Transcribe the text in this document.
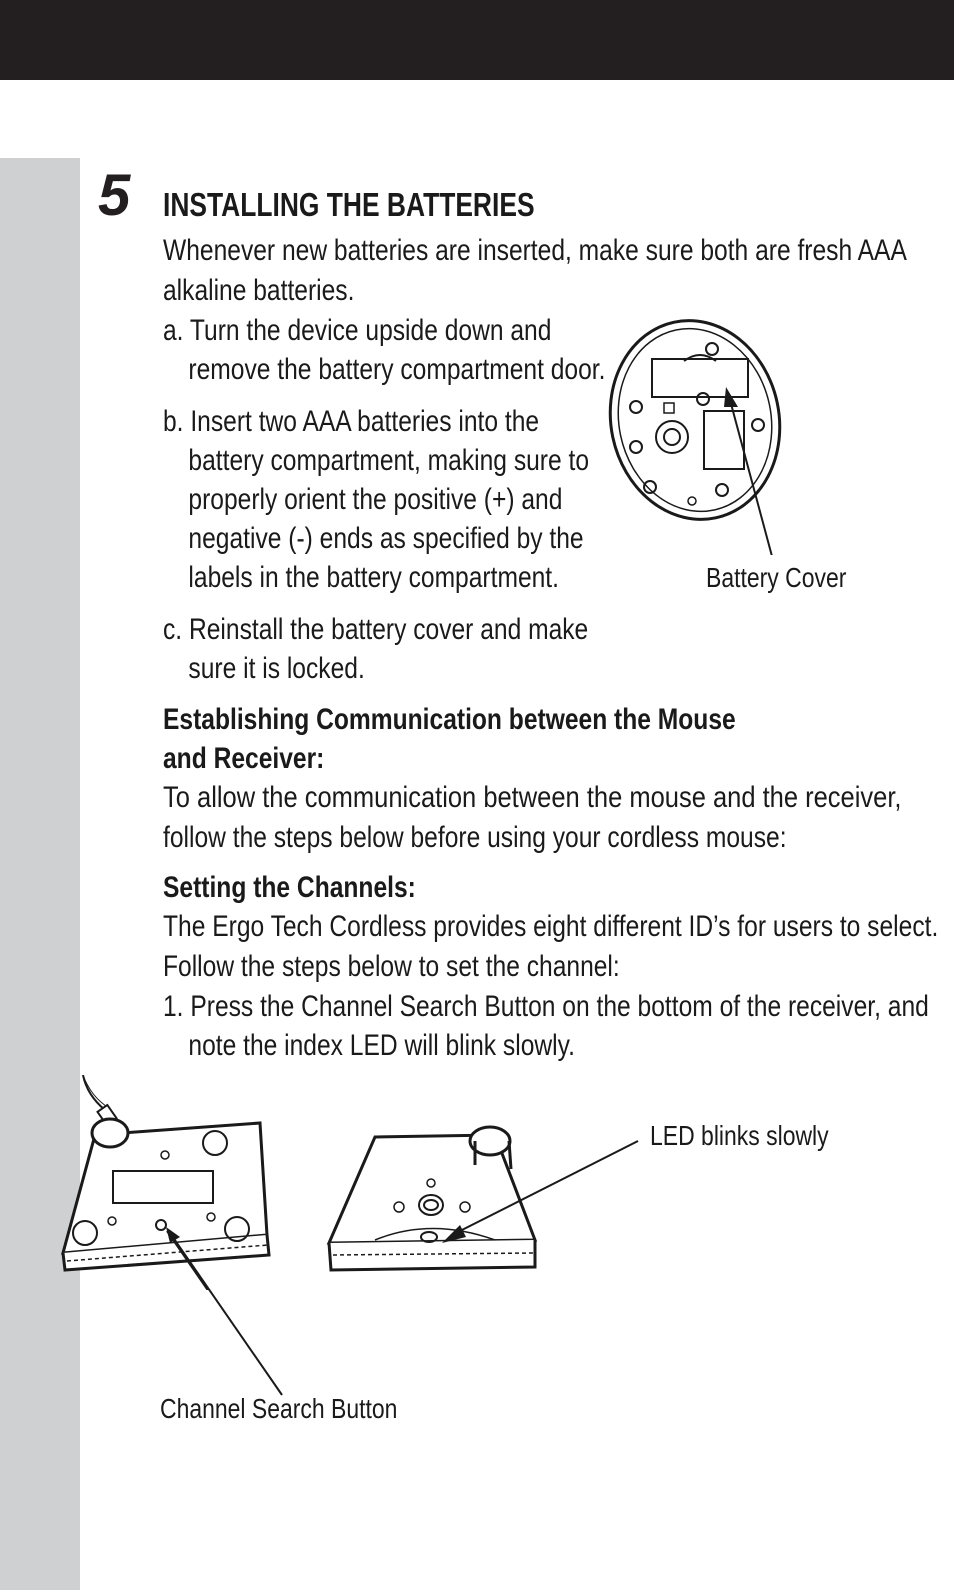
5 INSTALLING THE BATTERIES
Whenever new batteries are inserted, make sure both are fresh AAA
alkaline batteries.
a. Turn the device upside down and
remove the battery compartment door.
b. Insert two AAA batteries into the
battery compartment, making sure to
properly orient the positive (+) and
negative (-) ends as specified by the
labels in the battery compartment.
c. Reinstall the battery cover and make
sure it is locked.
Establishing Communication between the Mouse
and Receiver:
To allow the communication between the mouse and the receiver,
follow the steps below before using your cordless mouse:
Setting the Channels:
The Ergo Tech Cordless provides eight different ID’s for users to select.
Follow the steps below to set the channel:
1. Press the Channel Search Button on the bottom of the receiver, and
note the index LED will blink slowly.
Battery Cover
Channel Search Button
LED blinks slowly
